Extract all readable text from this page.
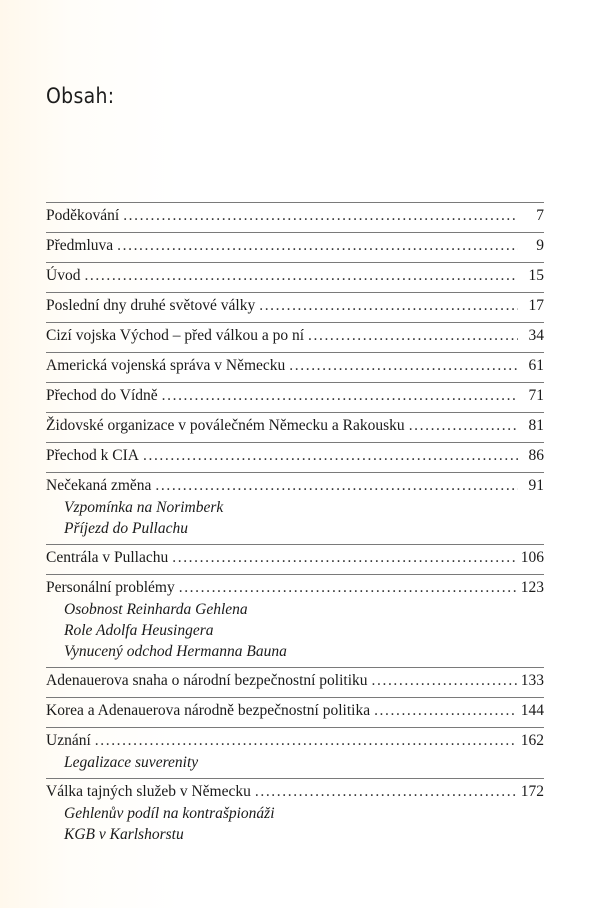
Obsah:
Poděkování .....	7
Předmluva .....	9
Úvod .....	15
Poslední dny druhé světové války .....	17
Cizí vojska Východ – před válkou a po ní .....	34
Americká vojenská správa v Německu .....	61
Přechod do Vídně .....	71
Židovské organizace v poválečném Německu a Rakousku .....	81
Přechod k CIA .....	86
Nečekaná změna .....	91
Vzpomínka na Norimberk
Příjezd do Pullachu
Centrála v Pullachu .....	106
Personální problémy .....	123
Osobnost Reinharda Gehlena
Role Adolfa Heusingera
Vynucený odchod Hermanna Bauna
Adenauerova snaha o národní bezpečnostní politiku .....	133
Korea a Adenauerova národně bezpečnostní politika .....	144
Uznání .....	162
Legalizace suverenity
Válka tajných služeb v Německu .....	172
Gehlenův podíl na kontrašpionáži
KGB v Karlshorstu
